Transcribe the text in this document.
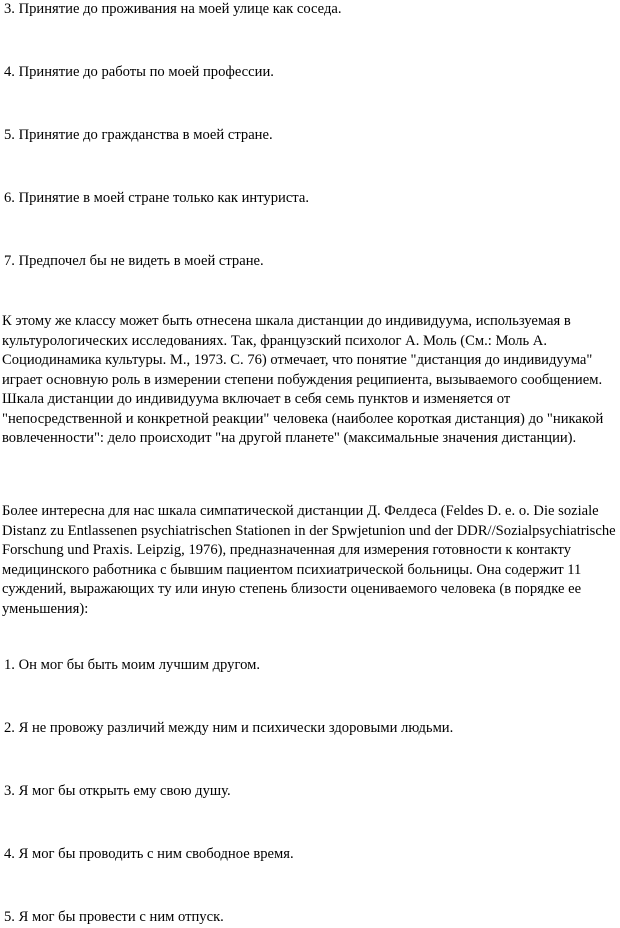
3. Принятие до проживания на моей улице как соседа.
4. Принятие до работы по моей профессии.
5. Принятие до гражданства в моей стране.
6. Принятие в моей стране только как интуриста.
7. Предпочел бы не видеть в моей стране.
К этому же классу может быть отнесена шкала дистанции до индивидуума, используемая в культурологических исследованиях. Так, французский психолог А. Моль (См.: Моль А. Социодинамика культуры. М., 1973. С. 76) отмечает, что понятие "дистанция до индивидуума" играет основную роль в измерении степени побуждения реципиента, вызываемого сообщением. Шкала дистанции до индивидуума включает в себя семь пунктов и изменяется от "непосредственной и конкретной реакции" человека (наиболее короткая дистанция) до "никакой вовлеченности": дело происходит "на другой планете" (максимальные значения дистанции).
Более интересна для нас шкала симпатической дистанции Д. Фелдеса (Feldes D. e. o. Die soziale Distanz zu Entlassenen psychiatrischen Stationen in der Spwjetunion und der DDR//Sozialpsychiatrische Forschung und Praxis. Leipzig, 1976), предназначенная для измерения готовности к контакту медицинского работника с бывшим пациентом психиатрической больницы. Она содержит 11 суждений, выражающих ту или иную степень близости оцениваемого человека (в порядке ее уменьшения):
1. Он мог бы быть моим лучшим другом.
2. Я не провожу различий между ним и психически здоровыми людьми.
3. Я мог бы открыть ему свою душу.
4. Я мог бы проводить с ним свободное время.
5. Я мог бы провести с ним отпуск.
